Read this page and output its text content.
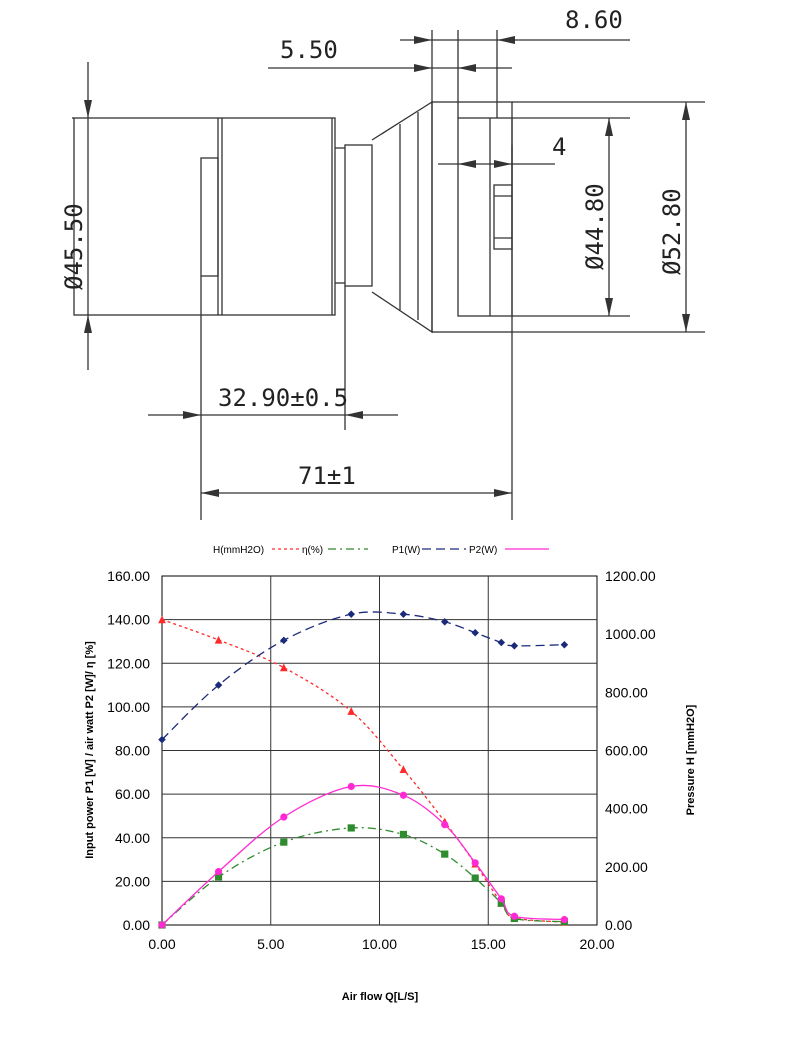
8.60
5.50
4
Ø45.50	Ø44.80 Ø52.80
32.90±0.5
71±1
0.00	5.00	10.00	15.00	20.00
0.00
20.00
40.00
60.00
80.00
100.00
120.00
140.00
160.00
0.00
200.00
400.00
600.00
800.00
1000.00
1200.00
H(mmH2O)	η(%)	P1(W)	P2(W)
Air flow Q[L/S]
Input power P1 [W] / air watt P2 [W]/ η [%]	Pressure H [mmH2O]
